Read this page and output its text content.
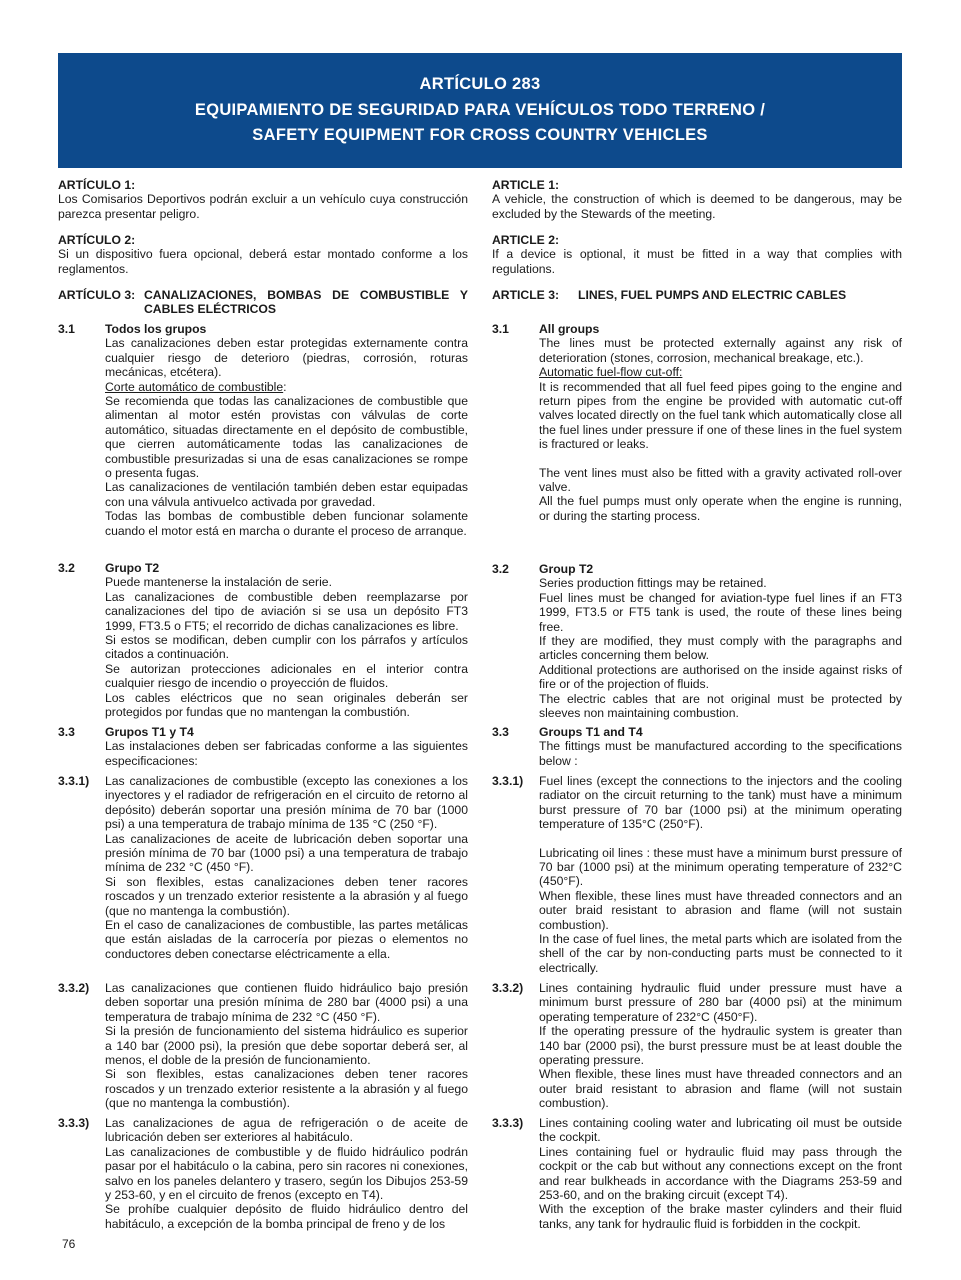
ARTÍCULO 283
EQUIPAMIENTO DE SEGURIDAD PARA VEHÍCULOS TODO TERRENO /
SAFETY EQUIPMENT FOR CROSS COUNTRY VEHICLES
ARTÍCULO 1:
Los Comisarios Deportivos podrán excluir a un vehículo cuya construcción parezca presentar peligro.
ARTÍCULO 2:
Si un dispositivo fuera opcional, deberá estar montado conforme a los reglamentos.
ARTÍCULO 3: CANALIZACIONES, BOMBAS DE COMBUSTIBLE Y CABLES ELÉCTRICOS
3.1 Todos los grupos

Las canalizaciones deben estar protegidas externamente contra cualquier riesgo de deterioro (piedras, corrosión, roturas mecánicas, etcétera).

Corte automático de combustible:

Se recomienda que todas las canalizaciones de combustible que alimentan al motor estén provistas con válvulas de corte automático, situadas directamente en el depósito de combustible, que cierren automáticamente todas las canalizaciones de combustible presurizadas si una de esas canalizaciones se rompe o presenta fugas.

Las canalizaciones de ventilación también deben estar equipadas con una válvula antivuelco activada por gravedad.

Todas las bombas de combustible deben funcionar solamente cuando el motor está en marcha o durante el proceso de arranque.

3.2 Grupo T2

Puede mantenerse la instalación de serie.

Las canalizaciones de combustible deben reemplazarse por canalizaciones del tipo de aviación si se usa un depósito FT3 1999, FT3.5 o FT5; el recorrido de dichas canalizaciones es libre.

Si estos se modifican, deben cumplir con los párrafos y artículos citados a continuación.

Se autorizan protecciones adicionales en el interior contra cualquier riesgo de incendio o proyección de fluidos.

Los cables eléctricos que no sean originales deberán ser protegidos por fundas que no mantengan la combustión.

3.3 Grupos T1 y T4

Las instalaciones deben ser fabricadas conforme a las siguientes especificaciones:

3.3.1) Las canalizaciones de combustible (excepto las conexiones a los inyectores y el radiador de refrigeración en el circuito de retorno al depósito) deberán soportar una presión mínima de 70 bar (1000 psi) a una temperatura de trabajo mínima de 135 °C (250 °F).

Las canalizaciones de aceite de lubricación deben soportar una presión mínima de 70 bar (1000 psi) a una temperatura de trabajo mínima de 232 °C (450 °F).

Si son flexibles, estas canalizaciones deben tener racores roscados y un trenzado exterior resistente a la abrasión y al fuego (que no mantenga la combustión).

En el caso de canalizaciones de combustible, las partes metálicas que están aisladas de la carrocería por piezas o elementos no conductores deben conectarse eléctricamente a ella.

3.3.2) Las canalizaciones que contienen fluido hidráulico bajo presión deben soportar una presión mínima de 280 bar (4000 psi) a una temperatura de trabajo mínima de 232 °C (450 °F).

Si la presión de funcionamiento del sistema hidráulico es superior a 140 bar (2000 psi), la presión que debe soportar deberá ser, al menos, el doble de la presión de funcionamiento.

Si son flexibles, estas canalizaciones deben tener racores roscados y un trenzado exterior resistente a la abrasión y al fuego (que no mantenga la combustión).

3.3.3) Las canalizaciones de agua de refrigeración o de aceite de lubricación deben ser exteriores al habitáculo.

Las canalizaciones de combustible y de fluido hidráulico podrán pasar por el habitáculo o la cabina, pero sin racores ni conexiones, salvo en los paneles delantero y trasero, según los Dibujos 253-59 y 253-60, y en el circuito de frenos (excepto en T4).

Se prohíbe cualquier depósito de fluido hidráulico dentro del habitáculo, a excepción de la bomba principal de freno y de los

ARTICLE 1:
A vehicle, the construction of which is deemed to be dangerous, may be excluded by the Stewards of the meeting.
ARTICLE 2:
If a device is optional, it must be fitted in a way that complies with regulations.
ARTICLE 3:	LINES, FUEL PUMPS AND ELECTRIC CABLES
3.1 All groups

The lines must be protected externally against any risk of deterioration (stones, corrosion, mechanical breakage, etc.).

Automatic fuel-flow cut-off:

It is recommended that all fuel feed pipes going to the engine and return pipes from the engine be provided with automatic cut-off valves located directly on the fuel tank which automatically close all the fuel lines under pressure if one of these lines in the fuel system is fractured or leaks.

The vent lines must also be fitted with a gravity activated roll-over valve.

All the fuel pumps must only operate when the engine is running, or during the starting process.

3.2 Group T2

Series production fittings may be retained.

Fuel lines must be changed for aviation-type fuel lines if an FT3 1999, FT3.5 or FT5 tank is used, the route of these lines being free.

If they are modified, they must comply with the paragraphs and articles concerning them below.

Additional protections are authorised on the inside against risks of fire or of the projection of fluids.

The electric cables that are not original must be protected by sleeves non maintaining combustion.

3.3 Groups T1 and T4

The fittings must be manufactured according to the specifications below :

3.3.1) Fuel lines (except the connections to the injectors and the cooling radiator on the circuit returning to the tank) must have a minimum burst pressure of 70 bar (1000 psi) at the minimum operating temperature of 135°C (250°F).

Lubricating oil lines : these must have a minimum burst pressure of 70 bar (1000 psi) at the minimum operating temperature of 232°C (450°F).

When flexible, these lines must have threaded connectors and an outer braid resistant to abrasion and flame (will not sustain combustion).

In the case of fuel lines, the metal parts which are isolated from the shell of the car by non-conducting parts must be connected to it electrically.

3.3.2) Lines containing hydraulic fluid under pressure must have a minimum burst pressure of 280 bar (4000 psi) at the minimum operating temperature of 232°C (450°F).

If the operating pressure of the hydraulic system is greater than 140 bar (2000 psi), the burst pressure must be at least double the operating pressure.

When flexible, these lines must have threaded connectors and an outer braid resistant to abrasion and flame (will not sustain combustion).

3.3.3) Lines containing cooling water and lubricating oil must be outside the cockpit.

Lines containing fuel or hydraulic fluid may pass through the cockpit or the cab but without any connections except on the front and rear bulkheads in accordance with the Diagrams 253-59 and 253-60, and on the braking circuit (except T4).

With the exception of the brake master cylinders and their fluid tanks, any tank for hydraulic fluid is forbidden in the cockpit.

76
